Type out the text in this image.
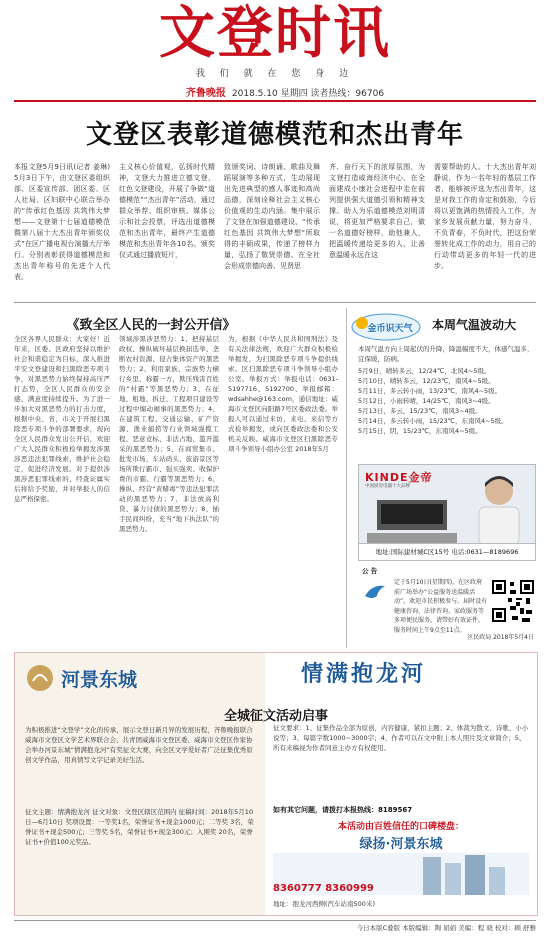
文登时讯
我 们 就 在 您 身 边
齐鲁晚报 2018.5.10 星期四 读者热线：96706
文登区表彰道德模范和杰出青年
本报文登5月9日讯(记者 姜琳) 5月3日下午，由文登区委组织部、区委宣传部、团区委、区人社局、区妇联中心联合举办的“传承红色基因 共筑伟大梦想——文登第十七届道德模范暨第八届十大杰出青年颁奖仪式”在区广播电视台演播大厅举行。分别表彰获得道德模范和杰出青年称号的先进个人代表。
主义核心价值观，弘扬时代精神，文登大力推进立德文登，红色文登建设，开展了争做“道德模范”“杰出青年”活动，通过群众举荐、组织审核、媒体公示和社会投票，评选出道德模范和杰出青年，最终产生道德模范和杰出青年各10名。颁奖仪式通过播放短片，
致颁奖词、诗朗诵、歌曲及舞蹈展演等多种方式，生动展现出先进典型的感人事迹和高尚品德，深刻诠释社会主义核心价值观的生动内涵。集中展示了文登在加强道德建设、“传承红色基因 共筑伟大梦想”所取得的丰硕成果，传递了榜样力量，弘扬了敬贤崇德、在全社会形成崇德向善、见贤思
齐、奋行天下的浓厚氛围，为文登打造威海经济中心、在全面建成小康社会进程中走在前列提供强大道德引领和精神支撑。助人为乐道德模范刘明清说，将更加严格要求自己，做一名道德好榜样，助他兼人，把温暖传递给更多的人，让善意温暖永远在这
需要帮助的人。十大杰出青年刘静说，作为一名年轻的基层工作者，能够被评选为杰出青年，这是对我工作的肯定和鼓励，今后将以更饱满的热情投入工作，为家乡发展贡献力量，努力奋斗，不负青春，不负时代，把这份荣誉转化成工作的动力，用自己的行动带动更多的年轻一代的进步。
《致全区人民的一封公开信》
全区各界人民群众：大家好！近年来，区委、区政府坚持以维护社会和谐稳定为目标，深入推进平安文登建设和扫黑除恶专项斗争，对黑恶势力始终保持高压严打态势，全区人民群众的安全感、满意度持续提升。为了进一步加大对黑恶势力的打击力度，根据中央、省、市关于开展扫黑除恶专项斗争的部署要求，现向全区人民群众发出公开信，欢迎广大人民群众积极检举揭发涉黑涉恶违法犯罪线索，维护社会稳定，促进经济发展。对于提供涉黑涉恶犯罪线索的，经查证属实后将给予奖励，并对举报人的信息严格保密。
领域涉黑涉恶势力：1、把持基层政权、操纵破坏基层换届选举、垄断农村资源、侵占集体资产的黑恶势力；2、利用家族、宗族势力横行乡里、称霸一方，欺压残害百姓的“村霸”等黑恶势力；3、在征地、租地、拆迁、工程项目建设等过程中煽动闹事的黑恶势力；4、在建筑工程、交通运输、矿产资源、渔业捕捞等行业领域强揽工程、恶意竞标、非法占地、滥开滥采的黑恶势力；5、在商贸集市、批发市场、车站码头、旅游景区等场所欺行霸市、强买强卖、收保护费的市霸、行霸等黑恶势力；6、操纵、经营“黄赌毒”等违法犯罪活动的黑恶势力；7、非法放高利贷、暴力讨债的黑恶势力；8、插手民间纠纷，充当“地下执法队”的黑恶势力。
为，根据《中华人民共和国刑法》及有关法律法规，欢迎广大群众积极检举揭发，为扫黑除恶专项斗争提供线索。区扫黑除恶专项斗争领导小组办公室。举报方式：举报电话：0631-5197716、5192700、举报邮箱：wdsahhe@163.com，通信地址：威海市文登区向阳路7号区委政法委。举报人可以通过来访、来电、来信等方式检举揭发，或向区委政法委和公安机关反映。威海市文登区扫黑除恶专项斗争领导小组办公室 2018年5月
金币识天气 本周气温波动大
本周气温方向上周起伏的升降，降温幅度不大，体感气温多，宜保暖，防病。
5月9日，晴转多云，12/24℃，北风4~5级。
5月10日，晴转多云，12/23℃，南风4~5级。
5月11日，多云转小雨，13/23℃，南风4~5级。
5月12日，小雨转晴，14/25℃，南风3~4级。
5月13日，多云，15/23℃，南风3~4级。
5月14日，多云转小雨，15/23℃，东南风4~5级。
5月15日，阴，15/23℃，东南风4~5级。
KINDE金帝
中国厨房电器十大品牌
地址:国际建材城C区15号 电话:0631—8189696
公 告
定于5月10日(星期四)，在区政府前广场举办“公益服务送温暖活动”，欢迎市民积极参与。届时设有健康咨询、法律咨询、家政服务等多项便民服务，请带好有效证件，服务时间上午9点至11点。
区民政局 2018年5月4日
河景东城
为积极推进“文登学”文化的传承，展示文登日新月异的发展历程，齐鲁晚报联合威海市文登区文学艺术界联合会、共青团威海市文登区委、威海市文登区作家协会举办河景东城“情满抱龙河”有奖征文大赛，向全区文学爱好者广泛征集优秀原创文学作品，用真情写文字记录美好生活。
征文主题：情满抱龙河 征文对象：文登区辖区范围内 征稿时间：2018年5月10日—6月10日 奖项设置：一等奖1名，荣誉证书+现金1000元；二等奖 3名，荣誉证书+现金500元；三等奖 5名，荣誉证书+现金300元；入围奖 20名，荣誉证书+价值100元奖品。
情满抱龙河
征文要求：1、征集作品全部为原创，内容健康，紧扣主题；2、体裁为散文、诗歌、小小说等；3、每篇字数1000~3000字；4、作者可以在文中附上本人照片及文章简介；5、所有来稿视为作者同意主办方有权使用。
如有其它问题，请拨打本报热线：8189567
本活动由百姓信任的口碑楼盘：
绿扬·河景东城
8360777 8360999
地址：抱龙河西侧(汽车站南500米)
全城征文活动启事
今日本版C叠版 本版编辑：陶 娟娟 美编：程 晓 校对：顾 舒雅
